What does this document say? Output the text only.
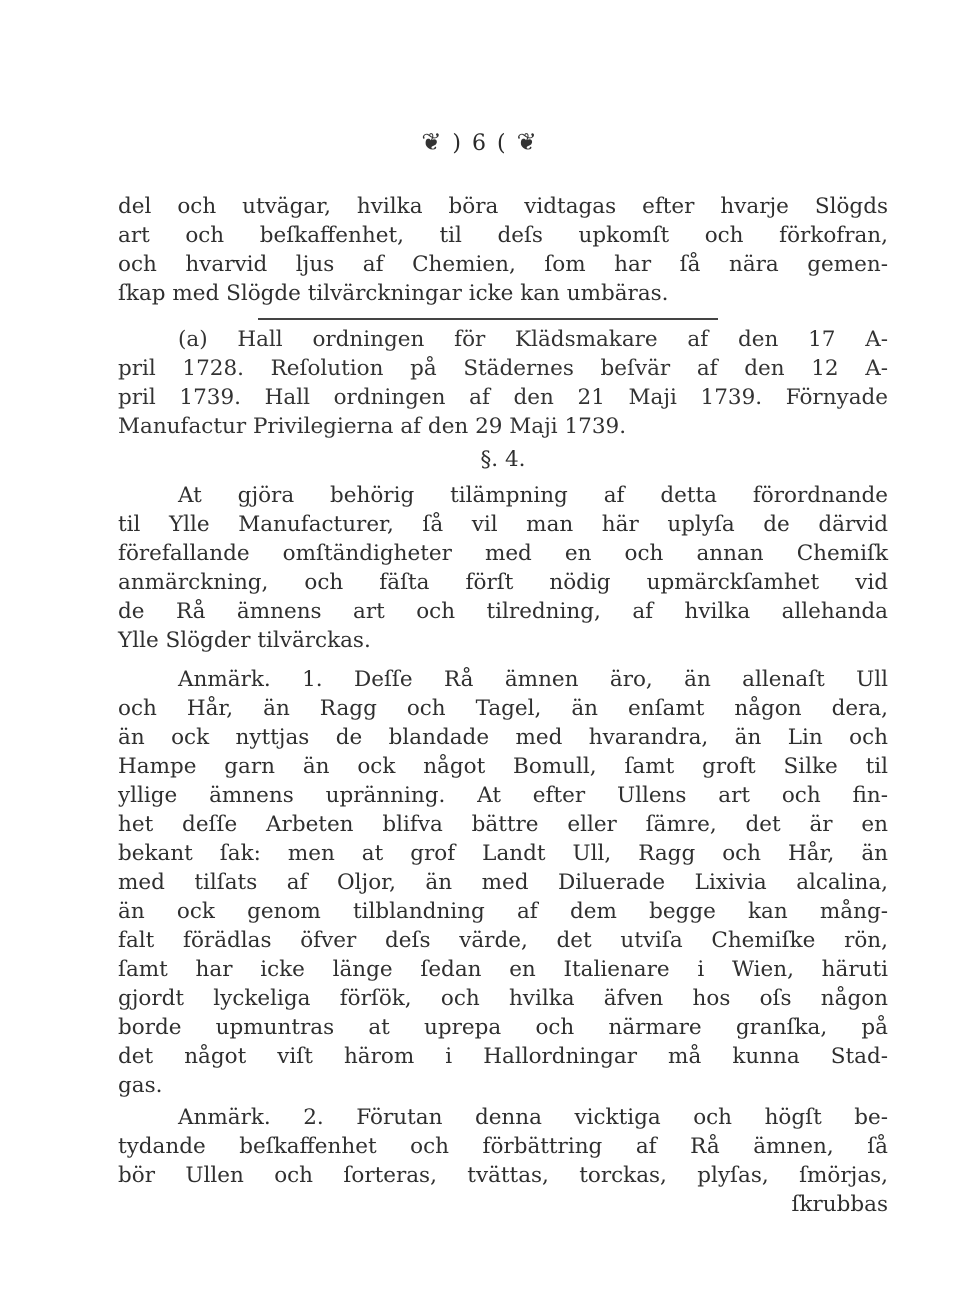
❦ ) 6 ( ❦
del och utvägar, hvilka böra vidtagas efter hvarje Slögds
art och beſkaffenhet, til deſs upkomſt och förkofran,
och hvarvid ljus af Chemien, ſom har ſå nära gemen-
ſkap med Slögde tilvärckningar icke kan umbäras.
(a) Hall ordningen för Klädsmakare af den 17 A-
pril 1728. Reſolution på Städernes beſvär af den 12 A-
pril 1739. Hall ordningen af den 21 Maji 1739. Förnyade
Manufactur Privilegierna af den 29 Maji 1739.
§. 4.
At gjöra behörig tilämpning af detta förordnande
til Ylle Manufacturer, ſå vil man här uplyſa de därvid
förefallande omſtändigheter med en och annan Chemiſk
anmärckning, och fäſta förſt nödig upmärckſamhet vid
de Rå ämnens art och tilredning, af hvilka allehanda
Ylle Slögder tilvärckas.
Anmärk. 1. Deſſe Rå ämnen äro, än allenaſt Ull
och Hår, än Ragg och Tagel, än enſamt någon dera,
än ock nyttjas de blandade med hvarandra, än Lin och
Hampe garn än ock något Bomull, ſamt groft Silke til
yllige ämnens upränning. At efter Ullens art och fin-
het deſſe Arbeten blifva bättre eller ſämre, det är en
bekant ſak: men at grof Landt Ull, Ragg och Hår, än
med tilſats af Oljor, än med Diluerade Lixivia alcalina,
än ock genom tilblandning af dem begge kan mång-
falt förädlas öfver deſs värde, det utviſa Chemiſke rön,
ſamt har icke länge ſedan en Italienare i Wien, häruti
gjordt lyckeliga förſök, och hvilka äfven hos oſs någon
borde upmuntras at uprepa och närmare granſka, på
det något viſt härom i Hallordningar må kunna Stad-
gas.
Anmärk. 2. Förutan denna vicktiga och högſt be-
tydande beſkaffenhet och förbättring af Rå ämnen, ſå
bör Ullen och ſorteras, tvättas, torckas, plyſas, ſmörjas,
ſkrubbas
